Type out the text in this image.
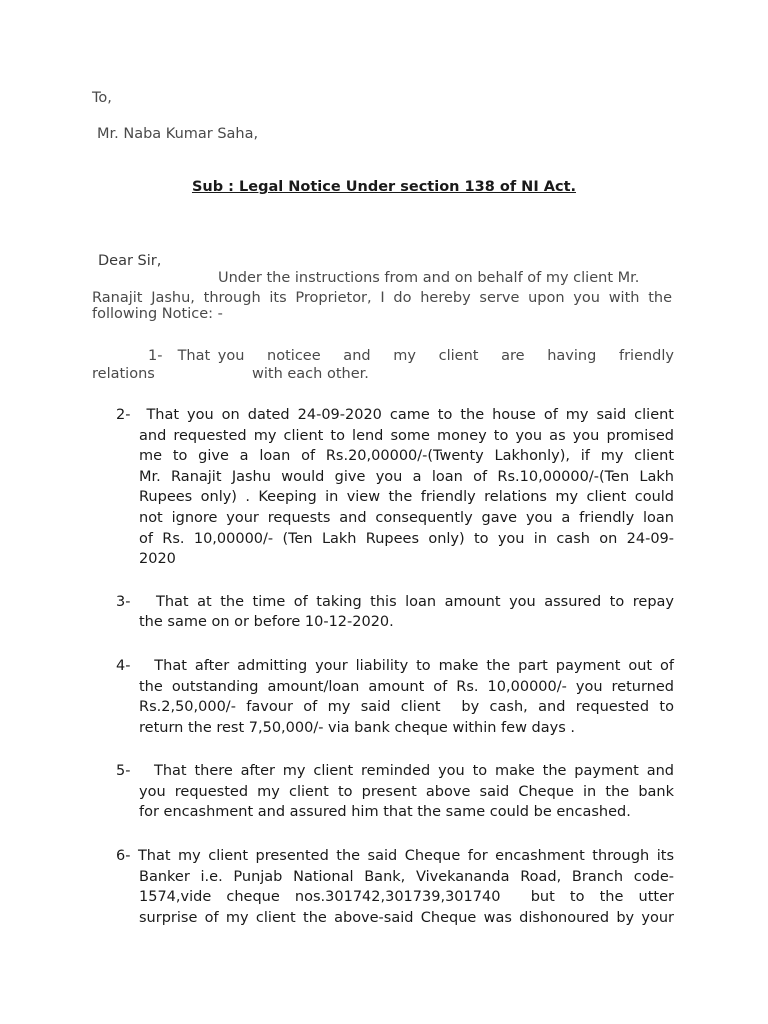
To,
Mr. Naba Kumar Saha,
Sub : Legal Notice Under section 138 of NI Act.
Dear Sir,
Under the instructions from and on behalf of my client Mr.
Ranajit Jashu, through its Proprietor, I do hereby serve upon you with the
following Notice: -
1-  That you   noticee   and   my   client   are   having   friendly
relations	with each other.
2-  That you on dated 24-09-2020 came to the house of my said client
and requested my client to lend some money to you as you promised
me to give a loan of Rs.20,00000/-(Twenty Lakhonly), if my client
Mr. Ranajit Jashu would give you a loan of Rs.10,00000/-(Ten Lakh
Rupees only) . Keeping in view the friendly relations my client could
not ignore your requests and consequently gave you a friendly loan
of Rs. 10,00000/- (Ten Lakh Rupees only) to you in cash on 24-09-
2020
3-   That at the time of taking this loan amount you assured to repay
the same on or before 10-12-2020.
4-   That after admitting your liability to make the part payment out of
the outstanding amount/loan amount of Rs. 10,00000/- you returned
Rs.2,50,000/- favour of my said client  by cash, and requested to
return the rest 7,50,000/- via bank cheque within few days .
5-   That there after my client reminded you to make the payment and
you requested my client to present above said Cheque in the bank
for encashment and assured him that the same could be encashed.
6- That my client presented the said Cheque for encashment through its
Banker i.e. Punjab National Bank, Vivekananda Road, Branch code-
1574,vide cheque nos.301742,301739,301740  but to the utter
surprise of my client the above-said Cheque was dishonoured by your
